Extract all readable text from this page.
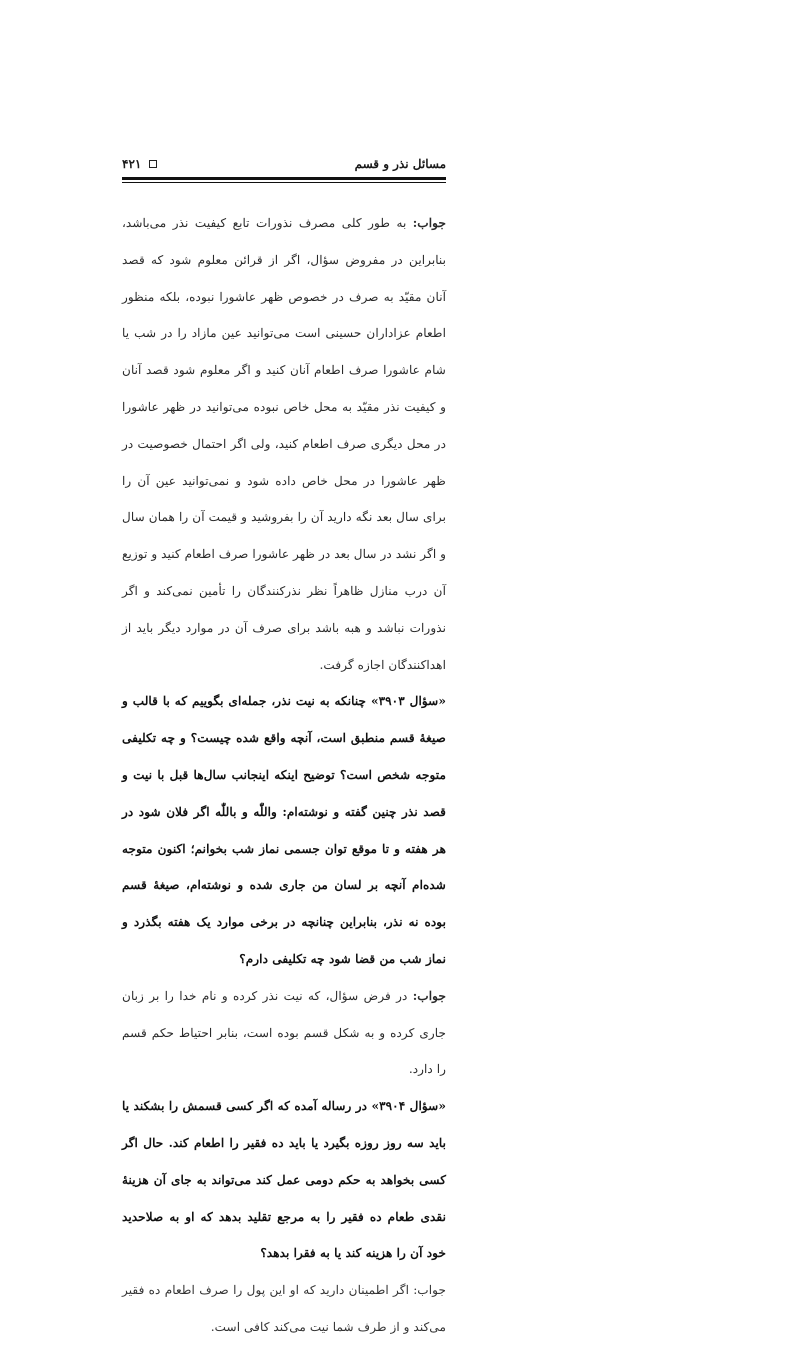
مسائل نذر و قسم
۴۲۱

جواب: به طور کلی مصرف نذورات تابع کیفیت نذر می‌باشد، بنابراین در مفروض سؤال، اگر از قرائن معلوم شود که قصد آنان مقیّد به صرف در خصوص ظهر عاشورا نبوده، بلکه منظور اطعام عزاداران حسینی است می‌توانید عین مازاد را در شب یا شام عاشورا صرف اطعام آنان کنید و اگر معلوم شود قصد آنان و کیفیت نذر مقیّد به محل خاص نبوده می‌توانید در ظهر عاشورا در محل دیگری صرف اطعام کنید، ولی اگر احتمال خصوصیت در ظهر عاشورا در محل خاص داده شود و نمی‌توانید عین آن را برای سال بعد نگه دارید آن را بفروشید و قیمت آن را همان سال و اگر نشد در سال بعد در ظهر عاشورا صرف اطعام کنید و توزیع آن درب منازل ظاهراً نظر نذرکنندگان را تأمین نمی‌کند و اگر نذورات نباشد و هبه باشد برای صرف آن در موارد دیگر باید از اهداکنندگان اجازه گرفت.

«سؤال ۳۹۰۳» چنانکه به نیت نذر، جمله‌ای بگوییم که با قالب و صیغهٔ قسم منطبق است، آنچه واقع شده چیست؟ و چه تکلیفی متوجه شخص است؟ توضیح اینکه اینجانب سال‌ها قبل با نیت و قصد نذر چنین گفته و نوشته‌ام: واللّٰه و باللّٰه اگر فلان شود در هر هفته و تا موقع توان جسمی نماز شب بخوانم؛ اکنون متوجه شده‌ام آنچه بر لسان من جاری شده و نوشته‌ام، صیغهٔ قسم بوده نه نذر، بنابراین چنانچه در برخی موارد یک هفته بگذرد و نماز شب من قضا شود چه تکلیفی دارم؟

جواب: در فرض سؤال، که نیت نذر کرده و نام خدا را بر زبان جاری کرده و به شکل قسم بوده است، بنابر احتیاط حکم قسم را دارد.

«سؤال ۳۹۰۴» در رساله آمده که اگر کسی قسمش را بشکند یا باید سه روز روزه بگیرد یا باید ده فقیر را اطعام کند. حال اگر کسی بخواهد به حکم دومی عمل کند می‌تواند به جای آن هزینهٔ نقدی طعام ده فقیر را به مرجع تقلید بدهد که او به صلاحدید خود آن را هزینه کند یا به فقرا بدهد؟

جواب: اگر اطمینان دارید که او این پول را صرف اطعام ده فقیر می‌کند و از طرف شما نیت می‌کند کافی است.
